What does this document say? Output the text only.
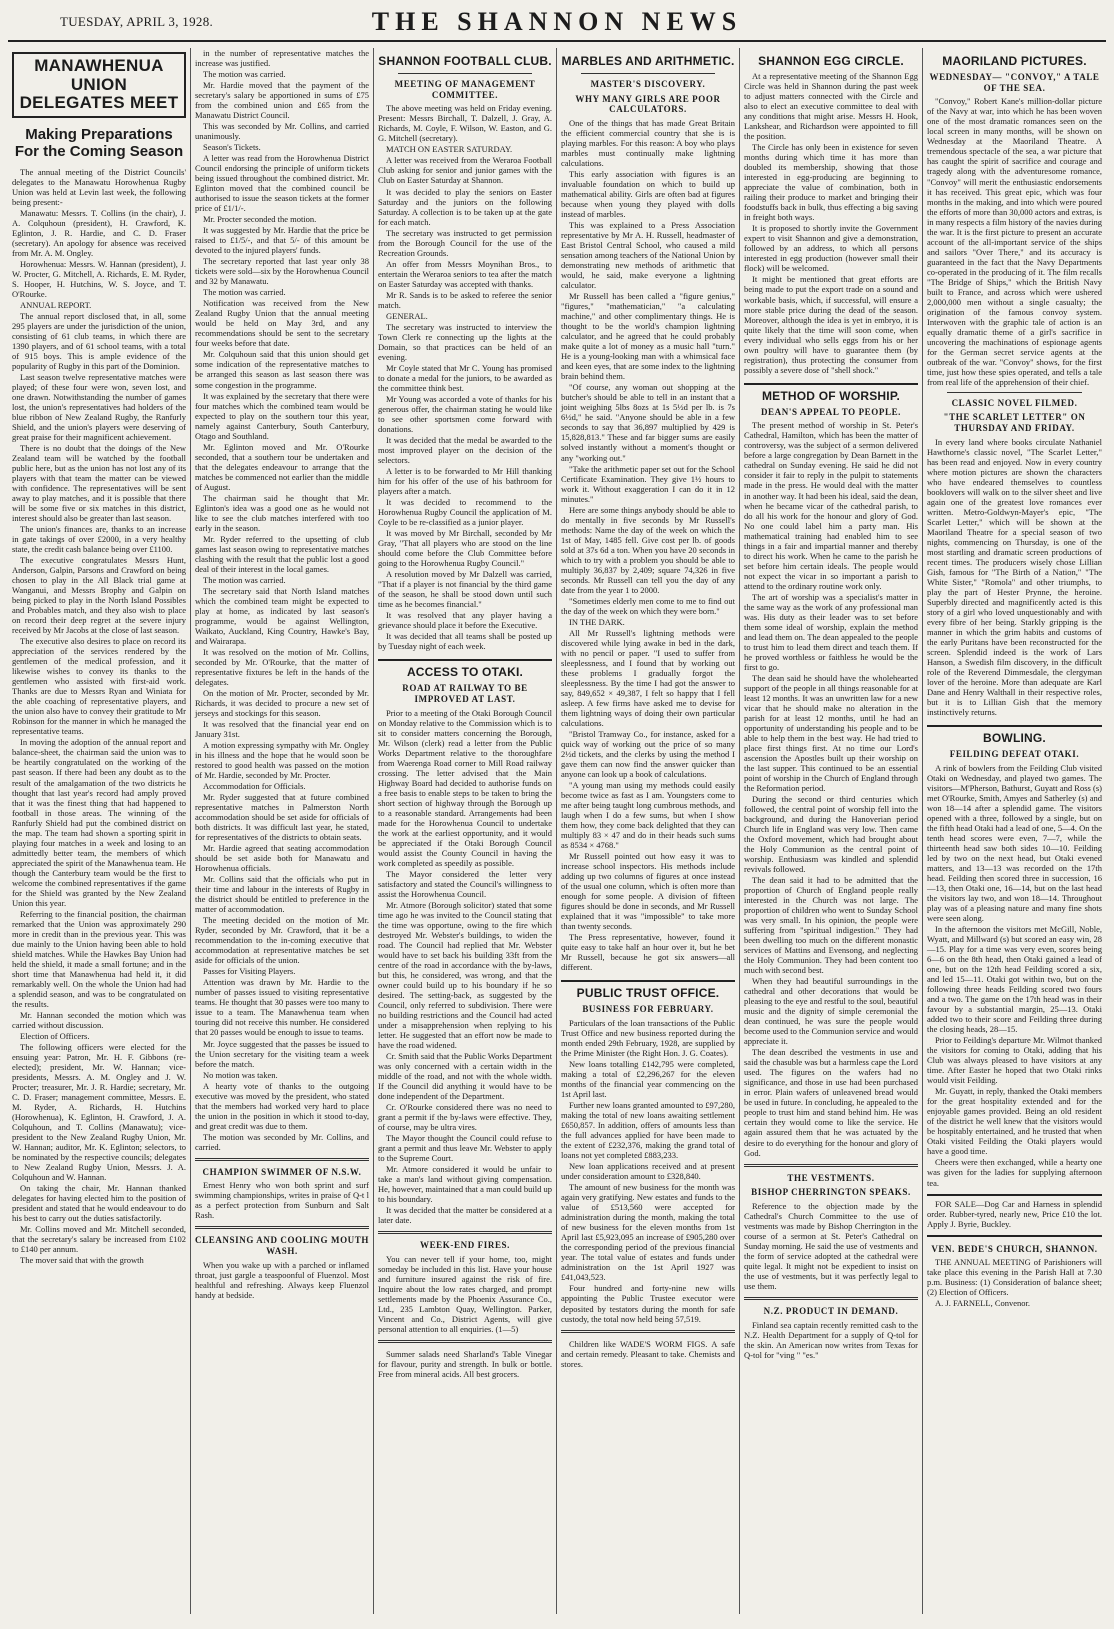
TUESDAY, APRIL 3, 1928.	THE SHANNON NEWS
MANAWHENUA UNION DELEGATES MEET
Making Preparations For the Coming Season

The annual meeting of the District Councils' delegates to the Manawatu Horowhenua Rugby Union was held at Levin last week, the following being present:-

Manawatu: Messrs. T. Collins (in the chair), J. A. Colquhoun (president), H. Crawford, K. Eglinton, J. R. Hardie, and C. D. Fraser (secretary). An apology for absence was received from Mr. A. M. Ongley.

Horowhenua: Messrs. W. Hannan (president), J. W. Procter, G. Mitchell, A. Richards, E. M. Ryder, S. Hooper, H. Hutchins, W. S. Joyce, and T. O'Rourke.

ANNUAL REPORT.

The annual report disclosed that, in all, some 295 players are under the jurisdiction of the union, consisting of 61 club teams, in which there are 1390 players, and of 61 school teams, with a total of 915 boys. This is ample evidence of the popularity of Rugby in this part of the Dominion.

Last season twelve representative matches were played; of these four were won, seven lost, and one drawn. Notwithstanding the number of games lost, the union's representatives had holders of the blue ribbon of New Zealand Rugby, the Ranfurly Shield, and the union's players were deserving of great praise for their magnificent achievement.

There is no doubt that the doings of the New Zealand team will be watched by the football public here, but as the union has not lost any of its players with that team the matter can be viewed with confidence. The representatives will be sent away to play matches, and it is possible that there will be some five or six matches in this district, interest should also be greater than last season.

The union's finances are, thanks to an increase in gate takings of over £2000, in a very healthy state, the credit cash balance being over £1100.

The executive congratulates Messrs Hunt, Anderson, Galpin, Parsons and Crawford on being chosen to play in the All Black trial game at Wanganui, and Messrs Brophy and Galpin on being picked to play in the North Island Possibles and Probables match, and they also wish to place on record their deep regret at the severe injury received by Mr Jacobs at the close of last season.

The executive also desires to place on record its appreciation of the services rendered by the gentlemen of the medical profession, and it likewise wishes to convey its thanks to the gentlemen who assisted with first-aid work. Thanks are due to Messrs Ryan and Winiata for the able coaching of representative players, and the union also have to convey their gratitude to Mr Robinson for the manner in which he managed the representative teams.

In moving the adoption of the annual report and balance-sheet, the chairman said the union was to be heartily congratulated on the working of the past season. If there had been any doubt as to the result of the amalgamation of the two districts he thought that last year's record had amply proved that it was the finest thing that had happened to football in those areas. The winning of the Ranfurly Shield had put the combined district on the map. The team had shown a sporting spirit in playing four matches in a week and losing to an admittedly better team, the members of which appreciated the spirit of the Manawhenua team. He though the Canterbury team would be the first to welcome the combined representatives if the game for the Shield was granted by the New Zealand Union this year.

Referring to the financial position, the chairman remarked that the Union was approximately 290 more in credit than in the previous year. This was due mainly to the Union having been able to hold shield matches. While the Hawkes Bay Union had held the shield, it made a small fortune; and in the short time that Manawhenua had held it, it did remarkably well. On the whole the Union had had a splendid season, and was to be congratulated on the results.

Mr. Hannan seconded the motion which was carried without discussion.

Election of Officers.

The following officers were elected for the ensuing year: Patron, Mr. H. F. Gibbons (re-elected); president, Mr. W. Hannan; vice-presidents, Messrs. A. M. Ongley and J. W. Procter; treasurer, Mr. J. R. Hardie; secretary, Mr. C. D. Fraser; management committee, Messrs. E. M. Ryder, A. Richards, H. Hutchins (Horowhenua), K. Eglinton, H. Crawford, J. A. Colquhoun, and T. Collins (Manawatu); vice-president to the New Zealand Rugby Union, Mr. W. Hannan; auditor, Mr. K. Eglinton; selectors, to be nominated by the respective councils; delegates to New Zealand Rugby Union, Messrs. J. A. Colquhoun and W. Hannan.

On taking the chair, Mr. Hannan thanked delegates for having elected him to the position of president and stated that he would endeavour to do his best to carry out the duties satisfactorily.

Mr. Collins moved and Mr. Mitchell seconded, that the secretary's salary be increased from £102 to £140 per annum.

The mover said that with the growth

in the number of representative matches the increase was justified.

The motion was carried.

Mr. Hardie moved that the payment of the secretary's salary be apportioned in sums of £75 from the combined union and £65 from the Manawatu District Council.

This was seconded by Mr. Collins, and carried unanimously.

Season's Tickets.

A letter was read from the Horowhenua District Council endorsing the principle of uniform tickets being issued throughout the combined district. Mr. Eglinton moved that the combined council be authorised to issue the season tickets at the former price of £1/1/-.

Mr. Procter seconded the motion.

It was suggested by Mr. Hardie that the price be raised to £1/5/-, and that 5/- of this amount be devoted to the injured players' funds.

The secretary reported that last year only 38 tickets were sold—six by the Horowhenua Council and 32 by Manawatu.

The motion was carried.

Notification was received from the New Zealand Rugby Union that the annual meeting would be held on May 3rd, and any recommendations should be sent to the secretary four weeks before that date.

Mr. Colquhoun said that this union should get some indication of the representative matches to be arranged this season as last season there was some congestion in the programme.

It was explained by the secretary that there were four matches which the combined team would be expected to play on the southern tour this year, namely against Canterbury, South Canterbury, Otago and Southland.

Mr. Eglinton moved and Mr. O'Rourke seconded, that a southern tour be undertaken and that the delegates endeavour to arrange that the matches be commenced not earlier than the middle of August.

The chairman said he thought that Mr. Eglinton's idea was a good one as he would not like to see the club matches interfered with too early in the season.

Mr. Ryder referred to the upsetting of club games last season owing to representative matches clashing with the result that the public lost a good deal of their interest in the local games.

The motion was carried.

The secretary said that North Island matches which the combined team might be expected to play at home, as indicated by last season's programme, would be against Wellington, Waikato, Auckland, King Country, Hawke's Bay, and Wairarapa.

It was resolved on the motion of Mr. Collins, seconded by Mr. O'Rourke, that the matter of representative fixtures be left in the hands of the delegates.

On the motion of Mr. Procter, seconded by Mr. Richards, it was decided to procure a new set of jerseys and stockings for this season.

It was resolved that the financial year end on January 31st.

A motion expressing sympathy with Mr. Ongley in his illness and the hope that he would soon be restored to good health was passed on the motion of Mr. Hardie, seconded by Mr. Procter.

Accommodation for Officials.

Mr. Ryder suggested that at future combined representative matches in Palmerston North accommodation should be set aside for officials of both districts. It was difficult last year, he stated, for representatives of the districts to obtain seats.

Mr. Hardie agreed that seating accommodation should be set aside both for Manawatu and Horowhenua officials.

Mr. Collins said that the officials who put in their time and labour in the interests of Rugby in the district should be entitled to preference in the matter of accommodation.

The meeting decided on the motion of Mr. Ryder, seconded by Mr. Crawford, that it be a recommendation to the in-coming executive that accommodation at representative matches be set aside for officials of the union.

Passes for Visiting Players.

Attention was drawn by Mr. Hardie to the number of passes issued to visiting representative teams. He thought that 30 passes were too many to issue to a team. The Manawhenua team when touring did not receive this number. He considered that 20 passes would be enough to issue to teams.

Mr. Joyce suggested that the passes be issued to the Union secretary for the visiting team a week before the match.

No motion was taken.

A hearty vote of thanks to the outgoing executive was moved by the president, who stated that the members had worked very hard to place the union in the position in which it stood to-day, and great credit was due to them.

The motion was seconded by Mr. Collins, and carried.

CHAMPION SWIMMER OF N.S.W.

Ernest Henry who won both sprint and surf swimming championships, writes in praise of Q-t l as a perfect protection from Sunburn and Salt Rash.

CLEANSING AND COOLING MOUTH WASH.

When you wake up with a parched or inflamed throat, just gargle a teaspoonful of Fluenzol. Most healthful and refreshing. Always keep Fluenzol handy at bedside.

SHANNON FOOTBALL CLUB.
MEETING OF MANAGEMENT COMMITTEE.

The above meeting was held on Friday evening. Present: Messrs Birchall, T. Dalzell, J. Gray, A. Richards, M. Coyle, F. Wilson, W. Easton, and G. G. Mitchell (secretary).

MATCH ON EASTER SATURDAY.

A letter was received from the Weraroa Football Club asking for senior and junior games with the Club on Easter Saturday at Shannon.

It was decided to play the seniors on Easter Saturday and the juniors on the following Saturday. A collection is to be taken up at the gate for each match.

The secretary was instructed to get permission from the Borough Council for the use of the Recreation Grounds.

An offer from Messrs Moynihan Bros., to entertain the Weraroa seniors to tea after the match on Easter Saturday was accepted with thanks.

Mr R. Sands is to be asked to referee the senior match.

GENERAL.

The secretary was instructed to interview the Town Clerk re connecting up the lights at the Domain, so that practices can be held of an evening.

Mr Coyle stated that Mr C. Young has promised to donate a medal for the juniors, to be awarded as the committee think best.

Mr Young was accorded a vote of thanks for his generous offer, the chairman stating he would like to see other sportsmen come forward with donations.

It was decided that the medal be awarded to the most improved player on the decision of the selectors.

A letter is to be forwarded to Mr Hill thanking him for his offer of the use of his bathroom for players after a match.

It was decided to recommend to the Horowhenua Rugby Council the application of M. Coyle to be re-classified as a junior player.

It was moved by Mr Birchall, seconded by Mr Gray, "That all players who are stood on the line should come before the Club Committee before going to the Horowhenua Rugby Council."

A resolution moved by Mr Dalzell was carried, "That if a player is not financial by the third game of the season, he shall be stood down until such time as he becomes financial."

It was resolved that any player having a grievance should place it before the Executive.

It was decided that all teams shall be posted up by Tuesday night of each week.

ACCESS TO OTAKI.
ROAD AT RAILWAY TO BE IMPROVED AT LAST.

Prior to a meeting of the Otaki Borough Council on Monday relative to the Commission which is to sit to consider matters concerning the Borough, Mr. Wilson (clerk) read a letter from the Public Works Department relative to the thoroughfare from Waerenga Road corner to Mill Road railway crossing. The letter advised that the Main Highway Board had decided to authorise funds on a free basis to enable steps to be taken to bring the short section of highway through the Borough up to a reasonable standard. Arrangements had been made for the Horowhenua Council to undertake the work at the earliest opportunity, and it would be appreciated if the Otaki Borough Council would assist the County Council in having the work completed as speedily as possible.

The Mayor considered the letter very satisfactory and stated the Council's willingness to assist the Horowhenua Council.

Mr. Atmore (Borough solicitor) stated that some time ago he was invited to the Council stating that the time was opportune, owing to the fire which destroyed Mr. Webster's buildings, to widen the road. The Council had replied that Mr. Webster would have to set back his building 33ft from the centre of the road in accordance with the by-laws, but this, he considered, was wrong, and that the owner could build up to his boundary if he so desired. The setting-back, as suggested by the Council, only referred to subdivision. There were no building restrictions and the Council had acted under a misapprehension when replying to his letter. He suggested that an effort now be made to have the road widened.

Cr. Smith said that the Public Works Department was only concerned with a certain width in the middle of the road, and not with the whole width. If the Council did anything it would have to be done independent of the Department.

Cr. O'Rourke considered there was no need to grant a permit if the by-laws were effective. They, of course, may be ultra vires.

The Mayor thought the Council could refuse to grant a permit and thus leave Mr. Webster to apply to the Supreme Court.

Mr. Atmore considered it would be unfair to take a man's land without giving compensation. He, however, maintained that a man could build up to his boundary.

It was decided that the matter be considered at a later date.

WEEK-END FIRES.

You can never tell if your home, too, might someday be included in this list. Have your house and furniture insured against the risk of fire. Inquire about the low rates charged, and prompt settlements made by the Phoenix Assurance Co., Ltd., 235 Lambton Quay, Wellington. Parker, Vincent and Co., District Agents, will give personal attention to all enquiries. (1—5)

Summer salads need Sharland's Table Vinegar for flavour, purity and strength. In bulk or bottle. Free from mineral acids. All best grocers.

MARBLES AND ARITHMETIC.
MASTER'S DISCOVERY.
WHY MANY GIRLS ARE POOR CALCULATORS.

One of the things that has made Great Britain the efficient commercial country that she is is playing marbles. For this reason: A boy who plays marbles must continually make lightning calculations.

This early association with figures is an invaluable foundation on which to build up mathematical ability. Girls are often bad at figures because when young they played with dolls instead of marbles.

This was explained to a Press Association representative by Mr A. H. Russell, headmaster of East Bristol Central School, who caused a mild sensation among teachers of the National Union by demonstrating new methods of arithmetic that would, he said, make everyone a lightning calculator.

Mr Russell has been called a "figure genius," "figures," "mathematician," "a calculating machine," and other complimentary things. He is thought to be the world's champion lightning calculator, and he agreed that he could probably make quite a lot of money as a music hall "turn." He is a young-looking man with a whimsical face and keen eyes, that are some index to the lightning brain behind them.

"Of course, any woman out shopping at the butcher's should be able to tell in an instant that a joint weighing 5lbs 8ozs at 1s 5½d per lb. is 7s 6½d," he said. "Anyone should be able in a few seconds to say that 36,897 multiplied by 429 is 15,828,813." These and far bigger sums are easily solved instantly without a moment's thought or any "working out."

"Take the arithmetic paper set out for the School Certificate Examination. They give 1½ hours to work it. Without exaggeration I can do it in 12 minutes."

Here are some things anybody should be able to do mentally in five seconds by Mr Russell's methods: Name the day of the week on which the 1st of May, 1485 fell. Give cost per lb. of goods sold at 37s 6d a ton. When you have 20 seconds in which to try with a problem you should be able to multiply 36,837 by 2,409; square 74,326 in five seconds. Mr Russell can tell you the day of any date from the year 1 to 2000.

"Sometimes elderly men come to me to find out the day of the week on which they were born."

IN THE DARK.

All Mr Russell's lightning methods were discovered while lying awake in bed in the dark, with no pencil or paper. "I used to suffer from sleeplessness, and I found that by working out these problems I gradually forgot the sleeplessness. By the time I had got the answer to say, 849,652 × 49,387, I felt so happy that I fell asleep. A few firms have asked me to devise for them lightning ways of doing their own particular calculations.

"Bristol Tramway Co., for instance, asked for a quick way of working out the price of so many 2½d tickets, and the clerks by using the method I gave them can now find the answer quicker than anyone can look up a book of calculations.

"A young man using my methods could easily become twice as fast as I am. Youngsters come to me after being taught long cumbrous methods, and laugh when I do a few sums, but when I show them how, they come back delighted that they can multiply 83 × 47 and do in their heads such sums as 8534 × 4768."

Mr Russell pointed out how easy it was to increase school inspectors. His methods include adding up two columns of figures at once instead of the usual one column, which is often more than enough for some people. A division of fifteen figures should be done in seconds, and Mr Russell explained that it was "impossible" to take more than twenty seconds.

The Press representative, however, found it quite easy to take half an hour over it, but he bet Mr Russell, because he got six answers—all different.

PUBLIC TRUST OFFICE.
BUSINESS FOR FEBRUARY.

Particulars of the loan transactions of the Public Trust Office and new business reported during the month ended 29th February, 1928, are supplied by the Prime Minister (the Right Hon. J. G. Coates).

New loans totalling £142,795 were completed, making a total of £2,296,267 for the eleven months of the financial year commencing on the 1st April last.

Further new loans granted amounted to £97,280, making the total of new loans awaiting settlement £650,857. In addition, offers of amounts less than the full advances applied for have been made to the extent of £232,376, making the grand total of loans not yet completed £883,233.

New loan applications received and at present under consideration amount to £328,840.

The amount of new business for the month was again very gratifying. New estates and funds to the value of £513,560 were accepted for administration during the month, making the total of new business for the eleven months from 1st April last £5,923,095 an increase of £905,280 over the corresponding period of the previous financial year. The total value of estates and funds under administration on the 1st April 1927 was £41,043,523.

Four hundred and forty-nine new wills appointing the Public Trustee executor were deposited by testators during the month for safe custody, the total now held being 57,519.

Children like WADE'S WORM FIGS. A safe and certain remedy. Pleasant to take. Chemists and stores.

SHANNON EGG CIRCLE.

At a representative meeting of the Shannon Egg Circle was held in Shannon during the past week to adjust matters connected with the Circle and also to elect an executive committee to deal with any conditions that might arise. Messrs H. Hook, Lankshear, and Richardson were appointed to fill the position.

The Circle has only been in existence for seven months during which time it has more than doubled its membership, showing that those interested in egg-producing are beginning to appreciate the value of combination, both in railing their produce to market and bringing their foodstuffs back in bulk, thus effecting a big saving in freight both ways.

It is proposed to shortly invite the Government expert to visit Shannon and give a demonstration, followed by an address, to which all persons interested in egg production (however small their flock) will be welcomed.

It might be mentioned that great efforts are being made to put the export trade on a sound and workable basis, which, if successful, will ensure a more stable price during the dead of the season. Moreover, although the idea is yet in embryo, it is quite likely that the time will soon come, when every individual who sells eggs from his or her own poultry will have to guarantee them (by registration), thus protecting the consumer from possibly a severe dose of "shell shock."

METHOD OF WORSHIP.
DEAN'S APPEAL TO PEOPLE.

The present method of worship in St. Peter's Cathedral, Hamilton, which has been the matter of controversy, was the subject of a sermon delivered before a large congregation by Dean Barnett in the cathedral on Sunday evening. He said he did not consider it fair to reply in the pulpit to statements made in the press. He would deal with the matter in another way. It had been his ideal, said the dean, when he became vicar of the cathedral parish, to do all his work for the honour and glory of God. No one could label him a party man. His mathematical training had enabled him to see things in a fair and impartial manner and thereby to direct his work. When he came to the parish he set before him certain ideals. The people would not expect the vicar in so important a parish to attend to the ordinary routine work only.

The art of worship was a specialist's matter in the same way as the work of any professional man was. His duty as their leader was to set before them some ideal of worship, explain the method and lead them on. The dean appealed to the people to trust him to lead them direct and teach them. If he proved worthless or faithless he would be the first to go.

The dean said he should have the wholehearted support of the people in all things reasonable for at least 12 months. It was an unwritten law for a new vicar that he should make no alteration in the parish for at least 12 months, until he had an opportunity of understanding his people and to be able to help them in the best way. He had tried to place first things first. At no time our Lord's ascension the Apostles built up their worship on the last supper. This continued to be an essential point of worship in the Church of England through the Reformation period.

During the second or third centuries which followed, the central point of worship fell into the background, and during the Hanoverian period Church life in England was very low. Then came the Oxford movement, which had brought about the Holy Communion as the central point of worship. Enthusiasm was kindled and splendid revivals followed.

The dean said it had to be admitted that the proportion of Church of England people really interested in the Church was not large. The proportion of children who went to Sunday School was very small. In his opinion, the people were suffering from "spiritual indigestion." They had been dwelling too much on the different monastic services of Mattins and Evensong, and neglecting the Holy Communion. They had been content too much with second best.

When they had beautiful surroundings in the cathedral and other decorations that would be pleasing to the eye and restful to the soul, beautiful music and the dignity of simple ceremonial the dean continued, he was sure the people would become used to the Communion service and would appreciate it.

The dean described the vestments in use and said the chasuble was but a harmless cape the Lord used. The figures on the wafers had no significance, and those in use had been purchased in error. Plain wafers of unleavened bread would be used in future. In concluding, he appealed to the people to trust him and stand behind him. He was certain they would come to like the service. He again assured them that he was actuated by the desire to do everything for the honour and glory of God.

THE VESTMENTS.
BISHOP CHERRINGTON SPEAKS.

Reference to the objection made by the Cathedral's Church Committee to the use of vestments was made by Bishop Cherrington in the course of a sermon at St. Peter's Cathedral on Sunday morning. He said the use of vestments and the form of service adopted at the cathedral were quite legal. It might not be expedient to insist on the use of vestments, but it was perfectly legal to use them.

N.Z. PRODUCT IN DEMAND.

Finland sea captain recently remitted cash to the N.Z. Health Department for a supply of Q-tol for the skin. An American now writes from Texas for Q-tol for "ving " "es."

MAORILAND PICTURES.
WEDNESDAY— "CONVOY," A TALE OF THE SEA.

"Convoy," Robert Kane's million-dollar picture of the Navy at war, into which he has been woven one of the most dramatic romances seen on the local screen in many months, will be shown on Wednesday at the Maoriland Theatre. A tremendous spectacle of the sea, a war picture that has caught the spirit of sacrifice and courage and tragedy along with the adventuresome romance, "Convoy" will merit the enthusiastic endorsements it has received. This great epic, which was four months in the making, and into which were poured the efforts of more than 30,000 actors and extras, is in many respects a film history of the navies during the war. It is the first picture to present an accurate account of the all-important service of the ships and sailors "Over There," and its accuracy is guaranteed in the fact that the Navy Departments co-operated in the producing of it. The film recalls "The Bridge of Ships," which the British Navy built to France, and across which were ushered 2,000,000 men without a single casualty; the origination of the famous convoy system. Interwoven with the graphic tale of action is an equally dramatic theme of a girl's sacrifice in uncovering the machinations of espionage agents for the German secret service agents at the outbreak of the war. "Convoy" shows, for the first time, just how these spies operated, and tells a tale from real life of the apprehension of their chief.

CLASSIC NOVEL FILMED.
"THE SCARLET LETTER" ON THURSDAY AND FRIDAY.

In every land where books circulate Nathaniel Hawthorne's classic novel, "The Scarlet Letter," has been read and enjoyed. Now in every country where motion pictures are shown the characters who have endeared themselves to countless booklovers will walk on to the silver sheet and live again one of the greatest love romances ever written. Metro-Goldwyn-Mayer's epic, "The Scarlet Letter," which will be shown at the Maoriland Theatre for a special season of two nights, commencing on Thursday, is one of the most startling and dramatic screen productions of recent times. The producers wisely chose Lillian Gish, famous for "The Birth of a Nation," "The White Sister," "Romola" and other triumphs, to play the part of Hester Prynne, the heroine. Superbly directed and magnificently acted is this story of a girl who loved unquestionably and with every fibre of her being. Starkly gripping is the manner in which the grim habits and customs of the early Puritans have been reconstructed for the screen. Splendid indeed is the work of Lars Hanson, a Swedish film discovery, in the difficult role of the Reverend Dimmesdale, the clergyman lover of the heroine. More than adequate are Karl Dane and Henry Walthall in their respective roles, but it is to Lillian Gish that the memory instinctively returns.

BOWLING.
FEILDING DEFEAT OTAKI.

A rink of bowlers from the Feilding Club visited Otaki on Wednesday, and played two games. The visitors—M'Pherson, Bathurst, Guyatt and Ross (s) met O'Rourke, Smith, Amyes and Satherley (s) and won 18—14 after a splendid game. The visitors opened with a three, followed by a single, but on the fifth head Otaki had a lead of one, 5—4. On the tenth head scores were even, 7—7, while the thirteenth head saw both sides 10—10. Feilding led by two on the next head, but Otaki evened matters, and 13—13 was recorded on the 17th head. Feilding then scored three in succession, 16—13, then Otaki one, 16—14, but on the last head the visitors lay two, and won 18—14. Throughout play was of a pleasing nature and many fine shots were seen along.

In the afternoon the visitors met McGill, Noble, Wyatt, and Millward (s) but scored an easy win, 28—15. Play for a time was very even, scores being 6—6 on the 8th head, then Otaki gained a lead of one, but on the 12th head Feilding scored a six, and led 15—11. Otaki got within two, but on the following three heads Feilding scored two fours and a two. The game on the 17th head was in their favour by a substantial margin, 25—13. Otaki added two to their score and Feilding three during the closing heads, 28—15.

Prior to Feilding's departure Mr. Wilmot thanked the visitors for coming to Otaki, adding that his Club was always pleased to have visitors at any time. After Easter he hoped that two Otaki rinks would visit Feilding.

Mr. Guyatt, in reply, thanked the Otaki members for the great hospitality extended and for the enjoyable games provided. Being an old resident of the district he well knew that the visitors would be hospitably entertained, and he trusted that when Otaki visited Feilding the Otaki players would have a good time.

Cheers were then exchanged, while a hearty one was given for the ladies for supplying afternoon tea.

FOR SALE—Dog Car and Harness in splendid order. Rubber-tyred, nearly new, Price £10 the lot. Apply J. Byrie, Buckley.

VEN. BEDE'S CHURCH, SHANNON.

THE ANNUAL MEETING of Parishioners will take place this evening in the Parish Hall at 7.30 p.m. Business: (1) Consideration of balance sheet; (2) Election of Officers.

A. J. FARNELL, Convenor.
